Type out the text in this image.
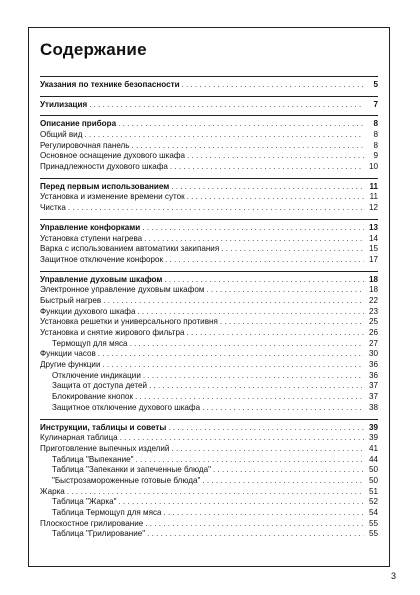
Содержание
Указания по технике безопасности . . .	5
Утилизация . . .	7
Описание прибора . . .	8
Общий вид . . .	8
Регулировочная панель . . .	8
Основное оснащение духового шкафа . . .	9
Принадлежности духового шкафа . . .	10
Перед первым использованием . . .	11
Установка и изменение времени суток . . .	11
Чистка . . .	12
Управление конфорками . . .	13
Установка ступени нагрева . . .	14
Варка с использованием автоматики закипания . . .	15
Защитное отключение конфорок . . .	17
Управление духовым шкафом . . .	18
Электронное управление духовым шкафом . . .	18
Быстрый нагрев . . .	22
Функции духового шкафа . . .	23
Установка решетки и универсального противня . . .	25
Установка и снятие жирового фильтра . . .	26
Термощуп для мяса . . .	27
Функции часов . . .	30
Другие функции . . .	36
Отключение индикации . . .	36
Защита от доступа детей . . .	37
Блокирование кнопок . . .	37
Защитное отключение духового шкафа . . .	38
Инструкции, таблицы и советы . . .	39
Кулинарная таблица . . .	39
Приготовление выпечных изделий . . .	41
Таблица "Выпекание" . . .	44
Таблица "Запеканки и запеченные блюда" . . .	50
"Быстрозамороженные готовые блюда" . . .	50
Жарка . . .	51
Таблица "Жарка" . . .	52
Таблица Термощуп для мяса . . .	54
Плоскостное грилирование . . .	55
Таблица "Грилирование" . . .	55
3
